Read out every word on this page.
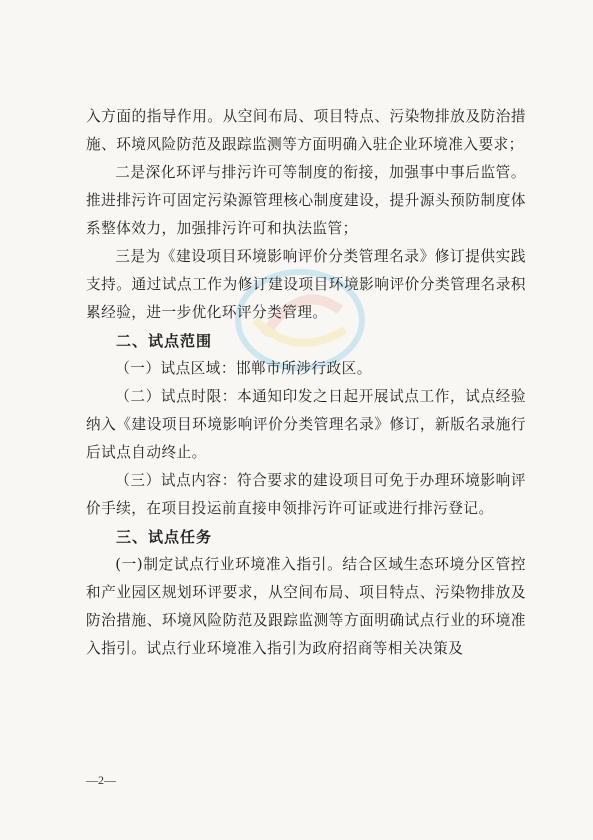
入方面的指导作用。从空间布局、项目特点、污染物排放及防治措施、环境风险防范及跟踪监测等方面明确入驻企业环境准入要求；

二是深化环评与排污许可等制度的衔接，加强事中事后监管。推进排污许可固定污染源管理核心制度建设，提升源头预防制度体系整体效力，加强排污许可和执法监管；

三是为《建设项目环境影响评价分类管理名录》修订提供实践支持。通过试点工作为修订建设项目环境影响评价分类管理名录积累经验，进一步优化环评分类管理。

二、试点范围

（一）试点区域：邯郸市所涉行政区。

（二）试点时限：本通知印发之日起开展试点工作，试点经验纳入《建设项目环境影响评价分类管理名录》修订，新版名录施行后试点自动终止。

（三）试点内容：符合要求的建设项目可免于办理环境影响评价手续，在项目投运前直接申领排污许可证或进行排污登记。

三、试点任务

(一)制定试点行业环境准入指引。结合区域生态环境分区管控和产业园区规划环评要求，从空间布局、项目特点、污染物排放及防治措施、环境风险防范及跟踪监测等方面明确试点行业的环境准入指引。试点行业环境准入指引为政府招商等相关决策及

—2—
